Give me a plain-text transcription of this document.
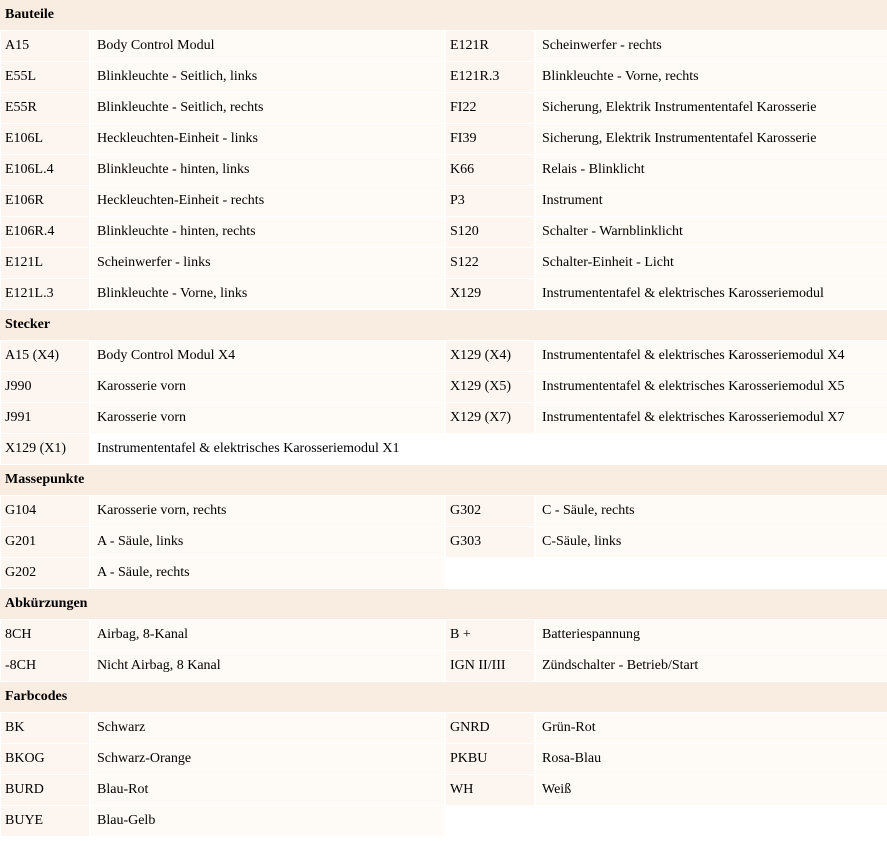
Bauteile
A15	Body Control Modul	E121R	Scheinwerfer - rechts
E55L	Blinkleuchte - Seitlich, links	E121R.3	Blinkleuchte - Vorne, rechts
E55R	Blinkleuchte - Seitlich, rechts	FI22	Sicherung, Elektrik Instrumententafel Karosserie
E106L	Heckleuchten-Einheit - links	FI39	Sicherung, Elektrik Instrumententafel Karosserie
E106L.4	Blinkleuchte - hinten, links	K66	Relais - Blinklicht
E106R	Heckleuchten-Einheit - rechts	P3	Instrument
E106R.4	Blinkleuchte - hinten, rechts	S120	Schalter - Warnblinklicht
E121L	Scheinwerfer - links	S122	Schalter-Einheit - Licht
E121L.3	Blinkleuchte - Vorne, links	X129	Instrumententafel & elektrisches Karosseriemodul
Stecker
A15 (X4)	Body Control Modul X4	X129 (X4)	Instrumententafel & elektrisches Karosseriemodul X4
J990	Karosserie vorn	X129 (X5)	Instrumententafel & elektrisches Karosseriemodul X5
J991	Karosserie vorn	X129 (X7)	Instrumententafel & elektrisches Karosseriemodul X7
X129 (X1)	Instrumententafel & elektrisches Karosseriemodul X1
Massepunkte
G104	Karosserie vorn, rechts	G302	C - Säule, rechts
G201	A - Säule, links	G303	C-Säule, links
G202	A - Säule, rechts
Abkürzungen
8CH	Airbag, 8-Kanal	B +	Batteriespannung
-8CH	Nicht Airbag, 8 Kanal	IGN II/III	Zündschalter - Betrieb/Start
Farbcodes
BK	Schwarz	GNRD	Grün-Rot
BKOG	Schwarz-Orange	PKBU	Rosa-Blau
BURD	Blau-Rot	WH	Weiß
BUYE	Blau-Gelb
